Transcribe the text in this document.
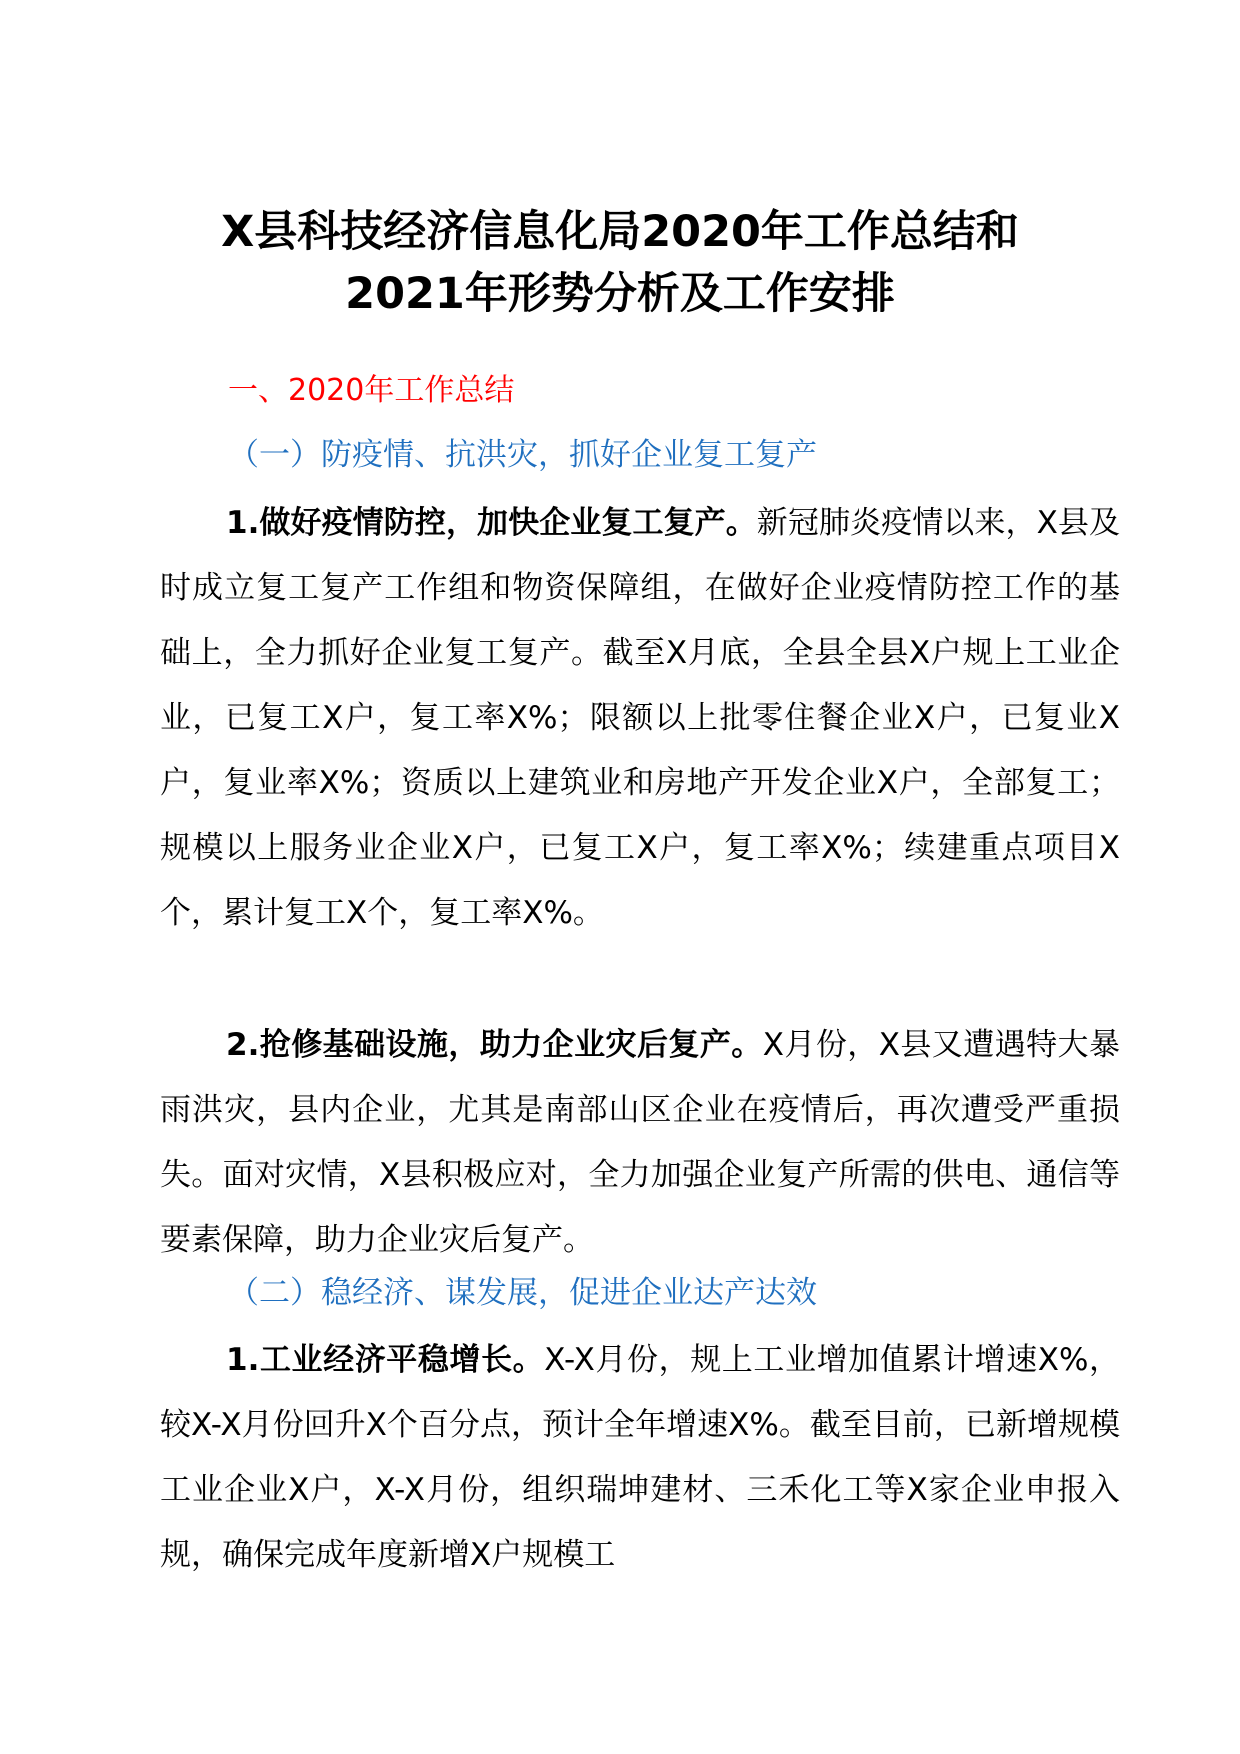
X县科技经济信息化局2020年工作总结和
2021年形势分析及工作安排
一、2020年工作总结
（一）防疫情、抗洪灾，抓好企业复工复产

1.做好疫情防控，加快企业复工复产。新冠肺炎疫情以来，X县及时成立复工复产工作组和物资保障组，在做好企业疫情防控工作的基础上，全力抓好企业复工复产。截至X月底，全县全县X户规上工业企业，已复工X户，复工率X%；限额以上批零住餐企业X户，已复业X户，复业率X%；资质以上建筑业和房地产开发企业X户，全部复工；规模以上服务业企业X户，已复工X户，复工率X%；续建重点项目X个，累计复工X个，复工率X%。

2.抢修基础设施，助力企业灾后复产。X月份，X县又遭遇特大暴雨洪灾，县内企业，尤其是南部山区企业在疫情后，再次遭受严重损失。面对灾情，X县积极应对，全力加强企业复产所需的供电、通信等要素保障，助力企业灾后复产。

（二）稳经济、谋发展，促进企业达产达效

1.工业经济平稳增长。X-X月份，规上工业增加值累计增速X%，较X-X月份回升X个百分点，预计全年增速X%。截至目前，已新增规模工业企业X户，X-X月份，组织瑞坤建材、三禾化工等X家企业申报入规，确保完成年度新增X户规模工
